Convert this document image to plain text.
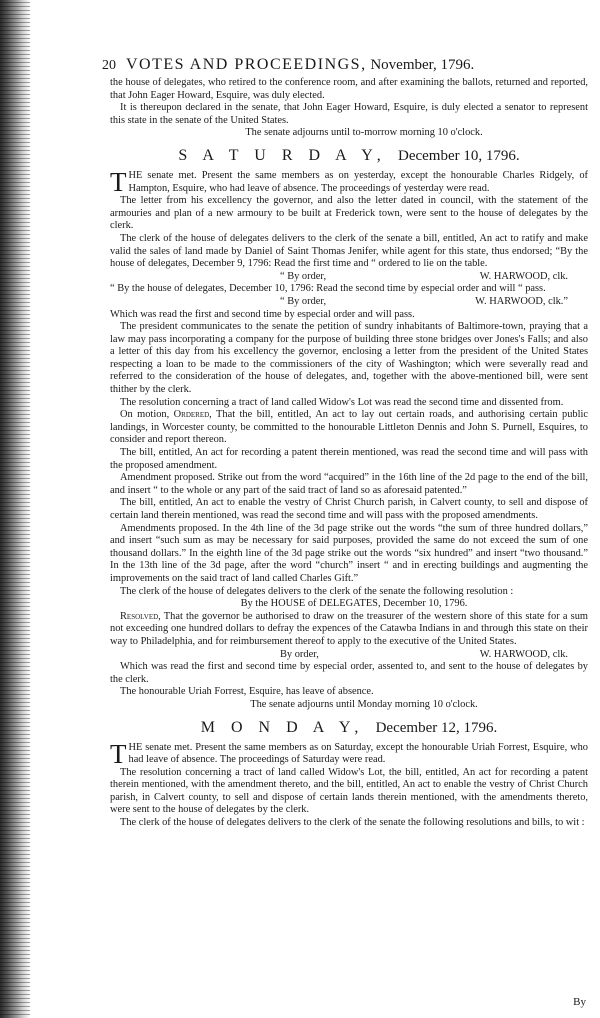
20 VOTES AND PROCEEDINGS,
November, 1796.

the house of delegates, who retired to the conference room, and after examining the ballots, returned and reported, that John Eager Howard, Esquire, was duly elected.

It is thereupon declared in the senate, that John Eager Howard, Esquire, is duly elected a senator to represent this state in the senate of the United States.

The senate adjourns until to-morrow morning 10 o'clock.

S A T U R D A Y, December 10, 1796.

THE senate met. Present the same members as on yesterday, except the honourable Charles Ridgely, of Hampton, Esquire, who had leave of absence. The proceedings of yesterday were read.

The letter from his excellency the governor, and also the letter dated in council, with the statement of the armouries and plan of a new armoury to be built at Frederick town, were sent to the house of delegates by the clerk.

The clerk of the house of delegates delivers to the clerk of the senate a bill, entitled, An act to ratify and make valid the sales of land made by Daniel of Saint Thomas Jenifer, while agent for this state, thus endorsed; “By the house of delegates, December 9, 1796: Read the first time and “ ordered to lie on the table.

“ By order,	W. HARWOOD, clk.

“ By the house of delegates, December 10, 1796: Read the second time by especial order and will “ pass.

“ By order,	W. HARWOOD, clk.”

Which was read the first and second time by especial order and will pass.

The president communicates to the senate the petition of sundry inhabitants of Baltimore-town, praying that a law may pass incorporating a company for the purpose of building three stone bridges over Jones's Falls; and also a letter of this day from his excellency the governor, enclosing a letter from the president of the United States respecting a loan to be made to the commissioners of the city of Washington; which were severally read and referred to the consideration of the house of delegates, and, together with the above-mentioned bill, were sent thither by the clerk.

The resolution concerning a tract of land called Widow's Lot was read the second time and dissented from.

On motion, Ordered, That the bill, entitled, An act to lay out certain roads, and authorising certain public landings, in Worcester county, be committed to the honourable Littleton Dennis and John S. Purnell, Esquires, to consider and report thereon.

The bill, entitled, An act for recording a patent therein mentioned, was read the second time and will pass with the proposed amendment.

Amendment proposed. Strike out from the word “acquired” in the 16th line of the 2d page to the end of the bill, and insert “ to the whole or any part of the said tract of land so as aforesaid patented.”

The bill, entitled, An act to enable the vestry of Christ Church parish, in Calvert county, to sell and dispose of certain land therein mentioned, was read the second time and will pass with the proposed amendments.

Amendments proposed. In the 4th line of the 3d page strike out the words “the sum of three hundred dollars,” and insert “such sum as may be necessary for said purposes, provided the same do not exceed the sum of one thousand dollars.” In the eighth line of the 3d page strike out the words “six hundred” and insert “two thousand.” In the 13th line of the 3d page, after the word “church” insert “ and in erecting buildings and augmenting the improvements on the said tract of land called Charles Gift.”

The clerk of the house of delegates delivers to the clerk of the senate the following resolution :

By the HOUSE of DELEGATES, December 10, 1796.

Resolved, That the governor be authorised to draw on the treasurer of the western shore of this state for a sum not exceeding one hundred dollars to defray the expences of the Catawba Indians in and through this state on their way to Philadelphia, and for reimbursement thereof to apply to the executive of the United States.

By order,	W. HARWOOD, clk.

Which was read the first and second time by especial order, assented to, and sent to the house of delegates by the clerk.

The honourable Uriah Forrest, Esquire, has leave of absence.

The senate adjourns until Monday morning 10 o'clock.

M O N D A Y, December 12, 1796.

THE senate met. Present the same members as on Saturday, except the honourable Uriah Forrest, Esquire, who had leave of absence. The proceedings of Saturday were read.

The resolution concerning a tract of land called Widow's Lot, the bill, entitled, An act for recording a patent therein mentioned, with the amendment thereto, and the bill, entitled, An act to enable the vestry of Christ Church parish, in Calvert county, to sell and dispose of certain lands therein mentioned, with the amendments thereto, were sent to the house of delegates by the clerk.

The clerk of the house of delegates delivers to the clerk of the senate the following resolutions and bills, to wit :

By
